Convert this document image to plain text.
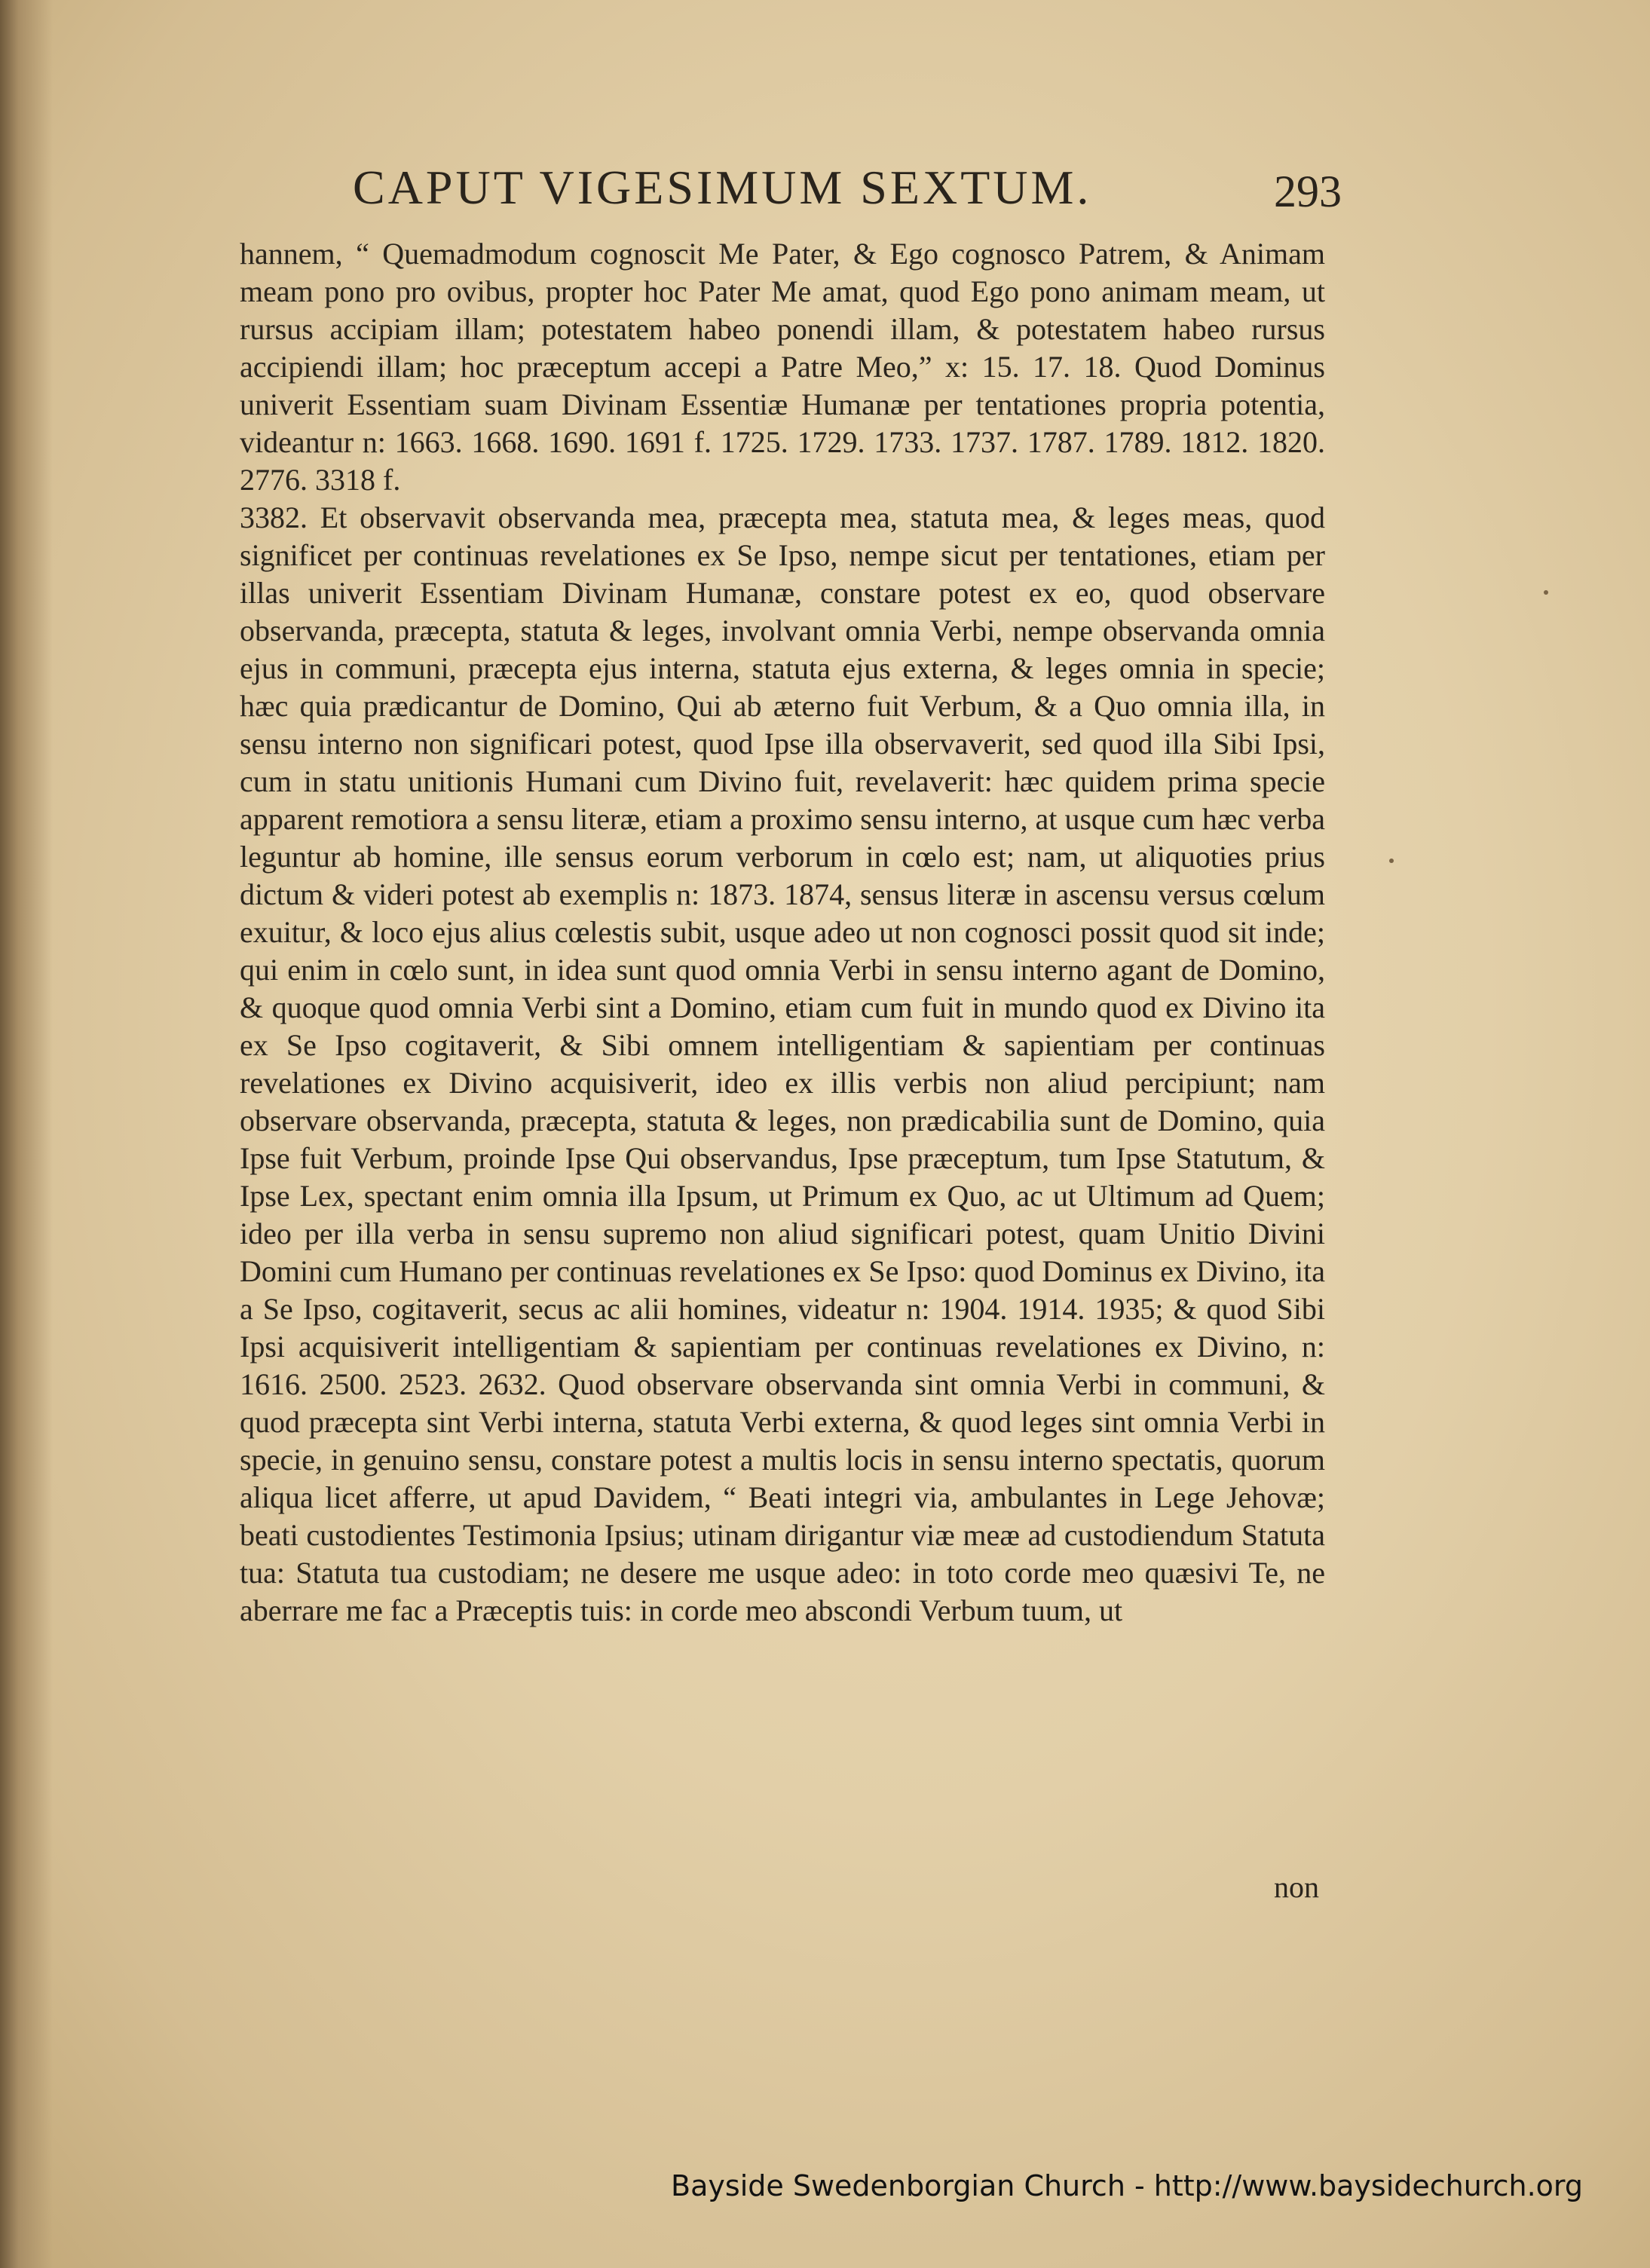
CAPUT VIGESIMUM SEXTUM.	293

hannem, “ Quemadmodum cognoscit Me Pater, & Ego cognosco Patrem, & Animam meam pono pro ovibus, propter hoc Pater Me amat, quod Ego pono animam meam, ut rursus accipiam illam; potestatem habeo ponendi illam, & potestatem habeo rursus accipiendi illam; hoc præceptum accepi a Patre Meo,” x: 15. 17. 18. Quod Dominus univerit Essentiam suam Divinam Essentiæ Humanæ per tentationes propria potentia, videantur n: 1663. 1668. 1690. 1691 f. 1725. 1729. 1733. 1737. 1787. 1789. 1812. 1820. 2776. 3318 f.

3382. Et observavit observanda mea, præcepta mea, statuta mea, & leges meas, quod significet per continuas revelationes ex Se Ipso, nempe sicut per tentationes, etiam per illas univerit Essentiam Divinam Humanæ, constare potest ex eo, quod observare observanda, præcepta, statuta & leges, involvant omnia Verbi, nempe observanda omnia ejus in communi, præcepta ejus interna, statuta ejus externa, & leges omnia in specie; hæc quia prædicantur de Domino, Qui ab æterno fuit Verbum, & a Quo omnia illa, in sensu interno non significari potest, quod Ipse illa observaverit, sed quod illa Sibi Ipsi, cum in statu unitionis Humani cum Divino fuit, revelaverit: hæc quidem prima specie apparent remotiora a sensu literæ, etiam a proximo sensu interno, at usque cum hæc verba leguntur ab homine, ille sensus eorum verborum in cœlo est; nam, ut aliquoties prius dictum & videri potest ab exemplis n: 1873. 1874, sensus literæ in ascensu versus cœlum exuitur, & loco ejus alius cœlestis subit, usque adeo ut non cognosci possit quod sit inde; qui enim in cœlo sunt, in idea sunt quod omnia Verbi in sensu interno agant de Domino, & quoque quod omnia Verbi sint a Domino, etiam cum fuit in mundo quod ex Divino ita ex Se Ipso cogitaverit, & Sibi omnem intelligentiam & sapientiam per continuas revelationes ex Divino acquisiverit, ideo ex illis verbis non aliud percipiunt; nam observare observanda, præcepta, statuta & leges, non prædicabilia sunt de Domino, quia Ipse fuit Verbum, proinde Ipse Qui observandus, Ipse præceptum, tum Ipse Statutum, & Ipse Lex, spectant enim omnia illa Ipsum, ut Primum ex Quo, ac ut Ultimum ad Quem; ideo per illa verba in sensu supremo non aliud significari potest, quam Unitio Divini Domini cum Humano per continuas revelationes ex Se Ipso: quod Dominus ex Divino, ita a Se Ipso, cogitaverit, secus ac alii homines, videatur n: 1904. 1914. 1935; & quod Sibi Ipsi acquisiverit intelligentiam & sapientiam per continuas revelationes ex Divino, n: 1616. 2500. 2523. 2632. Quod observare observanda sint omnia Verbi in communi, & quod præcepta sint Verbi interna, statuta Verbi externa, & quod leges sint omnia Verbi in specie, in genuino sensu, constare potest a multis locis in sensu interno spectatis, quorum aliqua licet afferre, ut apud Davidem, “ Beati integri via, ambulantes in Lege Jehovæ; beati custodientes Testimonia Ipsius; utinam dirigantur viæ meæ ad custodiendum Statuta tua: Statuta tua custodiam; ne desere me usque adeo: in toto corde meo quæsivi Te, ne aberrare me fac a Præceptis tuis: in corde meo abscondi Verbum tuum, ut

non
Bayside Swedenborgian Church - http://www.baysidechurch.org
